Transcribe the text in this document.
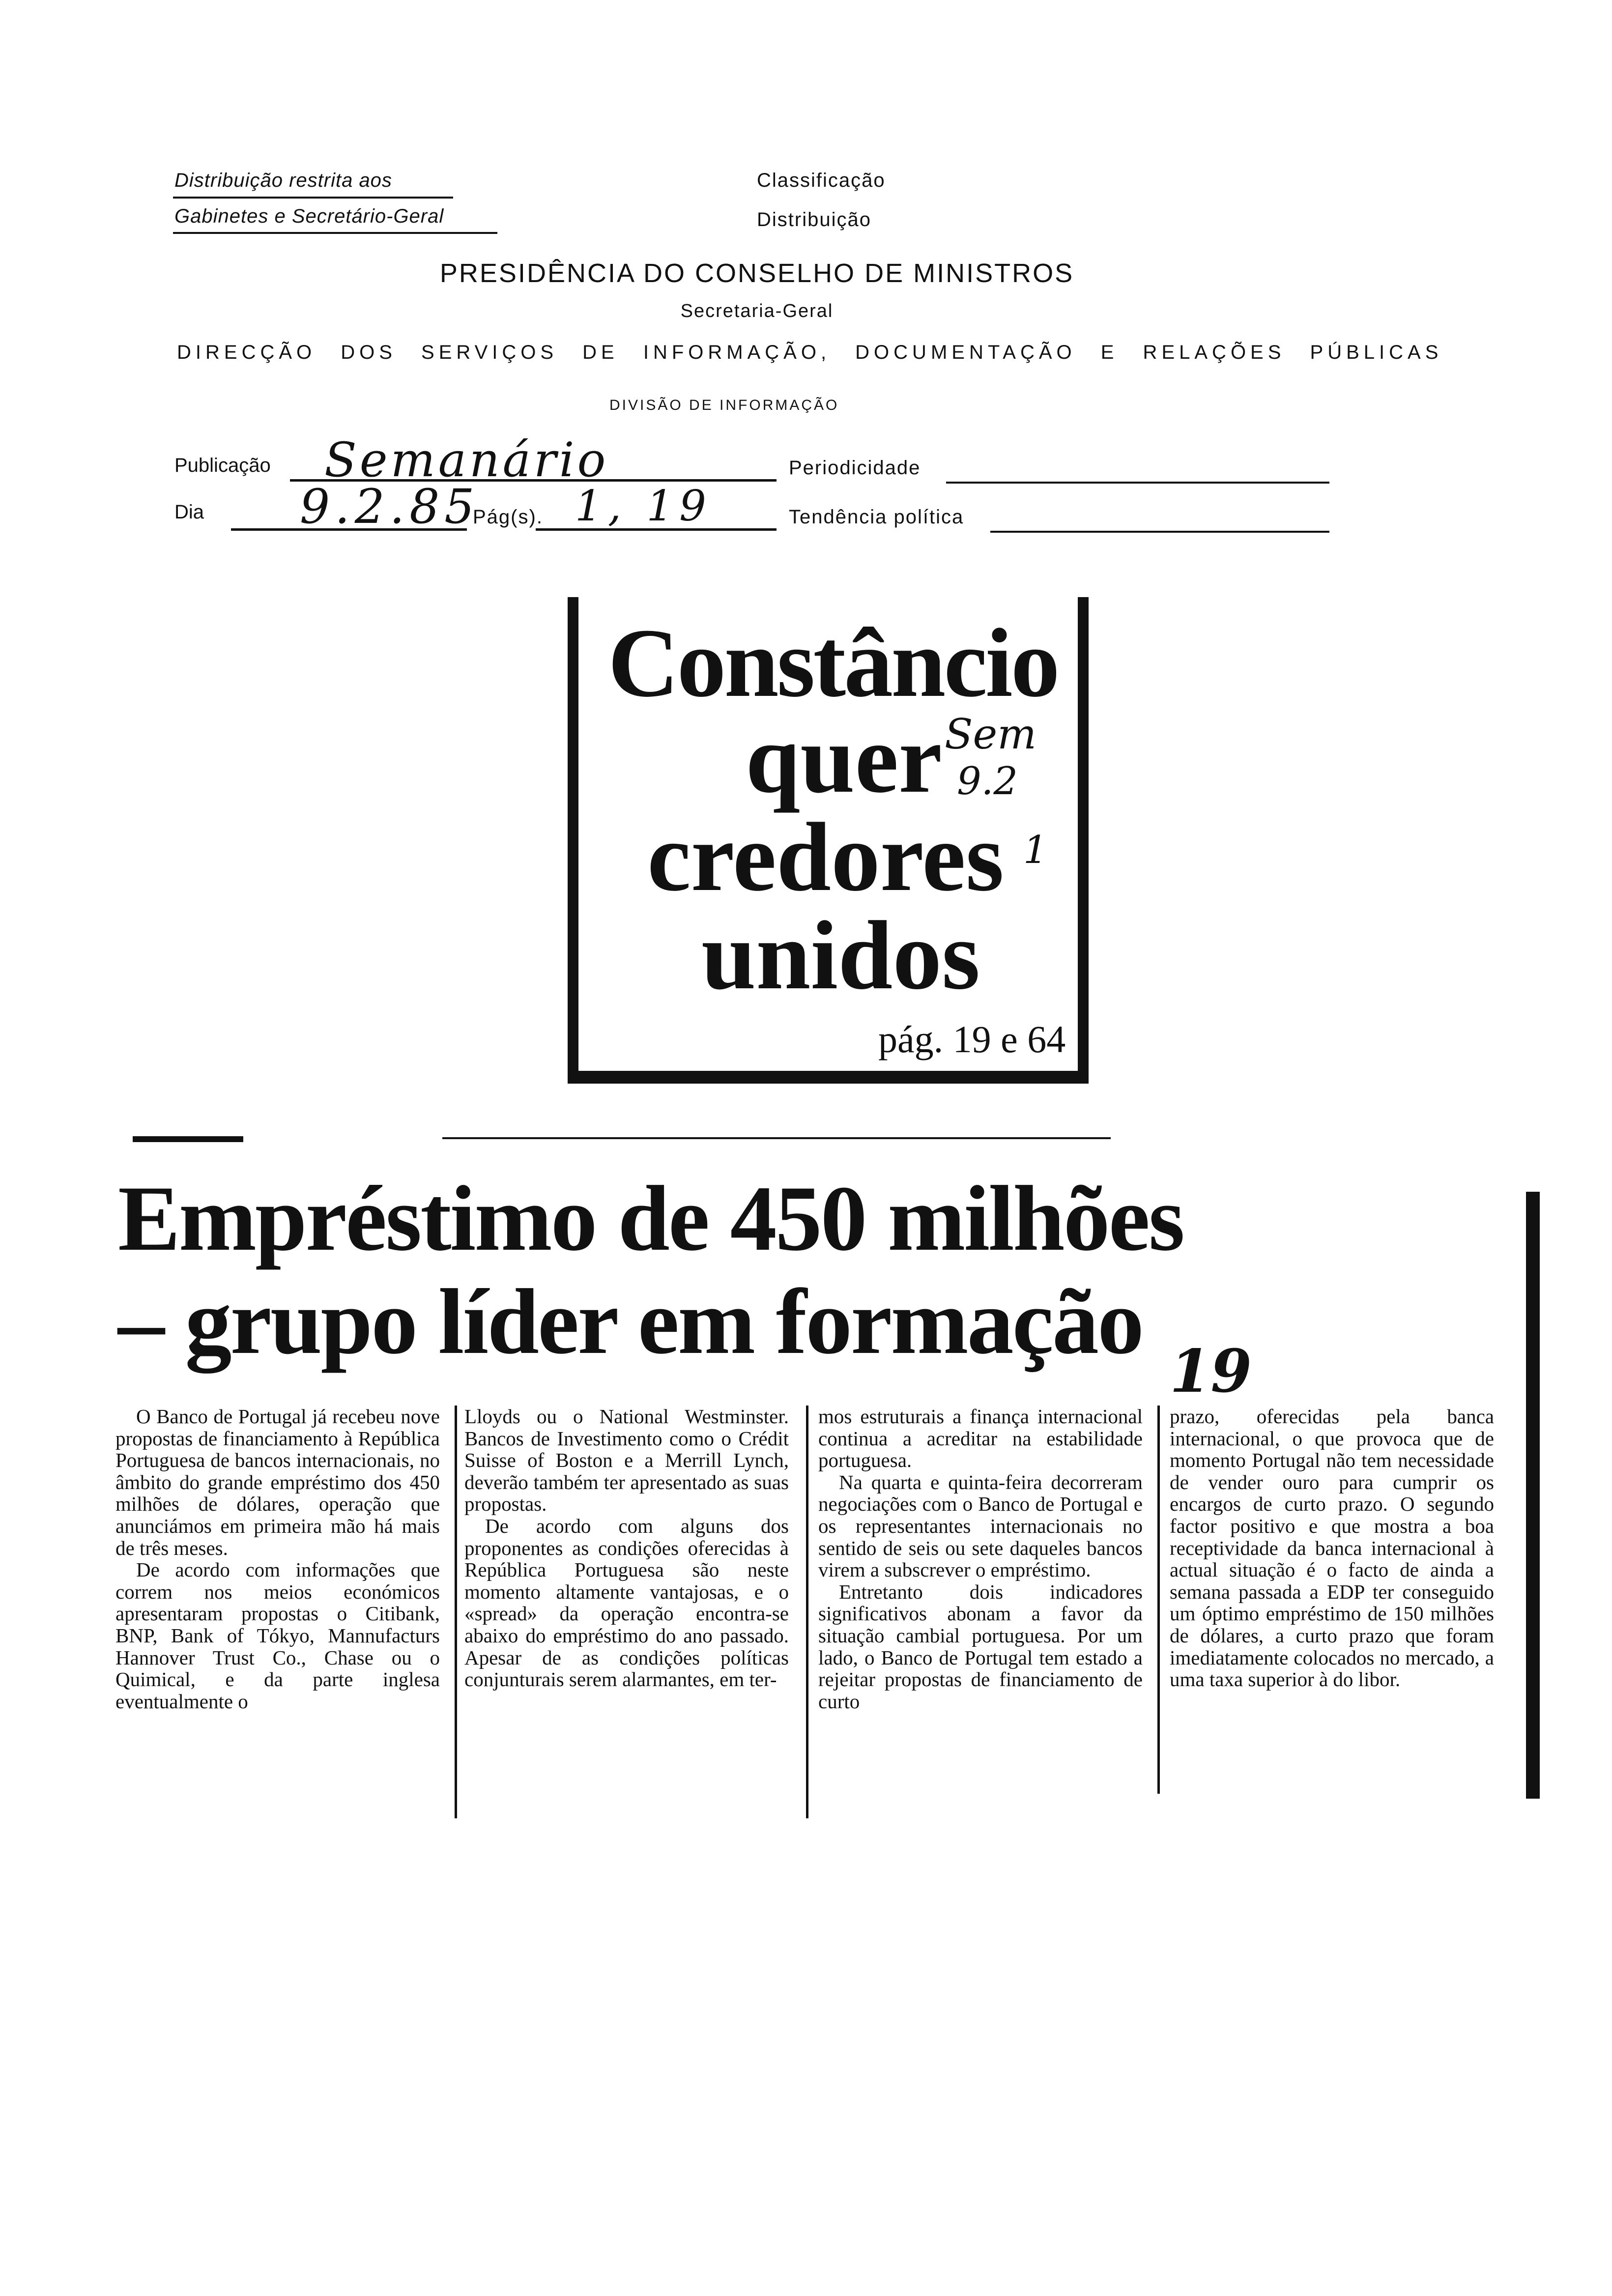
Distribuição restrita aos
Gabinetes e Secretário-Geral
Classificação
Distribuição
PRESIDÊNCIA DO CONSELHO DE MINISTROS
Secretaria-Geral
DIRECÇÃO DOS SERVIÇOS DE INFORMAÇÃO, DOCUMENTAÇÃO E RELAÇÕES PÚBLICAS
DIVISÃO DE INFORMAÇÃO
Publicação Semanário	Periodicidade
Dia 9.2.85
Pág(s). 1, 19	Tendência política
Constâncio
quer
credores
unidos
pág. 19 e 64
Sem
9.2
1
Empréstimo de 450 milhões
– grupo líder em formação 19

O Banco de Portugal já recebeu nove propostas de financiamento à República Portuguesa de bancos internacionais, no âmbito do grande empréstimo dos 450 milhões de dólares, operação que anunciámos em primeira mão há mais de três meses.

De acordo com informações que correm nos meios económicos apresentaram propostas o Citibank, BNP, Bank of Tókyo, Mannufacturs Hannover Trust Co., Chase ou o Quimical, e da parte inglesa eventualmente o

Lloyds ou o National Westminster. Bancos de Investimento como o Crédit Suisse of Boston e a Merrill Lynch, deverão também ter apresentado as suas propostas.

De acordo com alguns dos proponentes as condições oferecidas à República Portuguesa são neste momento altamente vantajosas, e o «spread» da operação encontra-se abaixo do empréstimo do ano passado. Apesar de as condições políticas conjunturais serem alarmantes, em ter-

mos estruturais a finança internacional continua a acreditar na estabilidade portuguesa.

Na quarta e quinta-feira decorreram negociações com o Banco de Portugal e os representantes internacionais no sentido de seis ou sete daqueles bancos virem a subscrever o empréstimo.

Entretanto dois indicadores significativos abonam a favor da situação cambial portuguesa. Por um lado, o Banco de Portugal tem estado a rejeitar propostas de financiamento de curto

prazo, oferecidas pela banca internacional, o que provoca que de momento Portugal não tem necessidade de vender ouro para cumprir os encargos de curto prazo. O segundo factor positivo e que mostra a boa receptividade da banca internacional à actual situação é o facto de ainda a semana passada a EDP ter conseguido um óptimo empréstimo de 150 milhões de dólares, a curto prazo que foram imediatamente colocados no mercado, a uma taxa superior à do libor.
